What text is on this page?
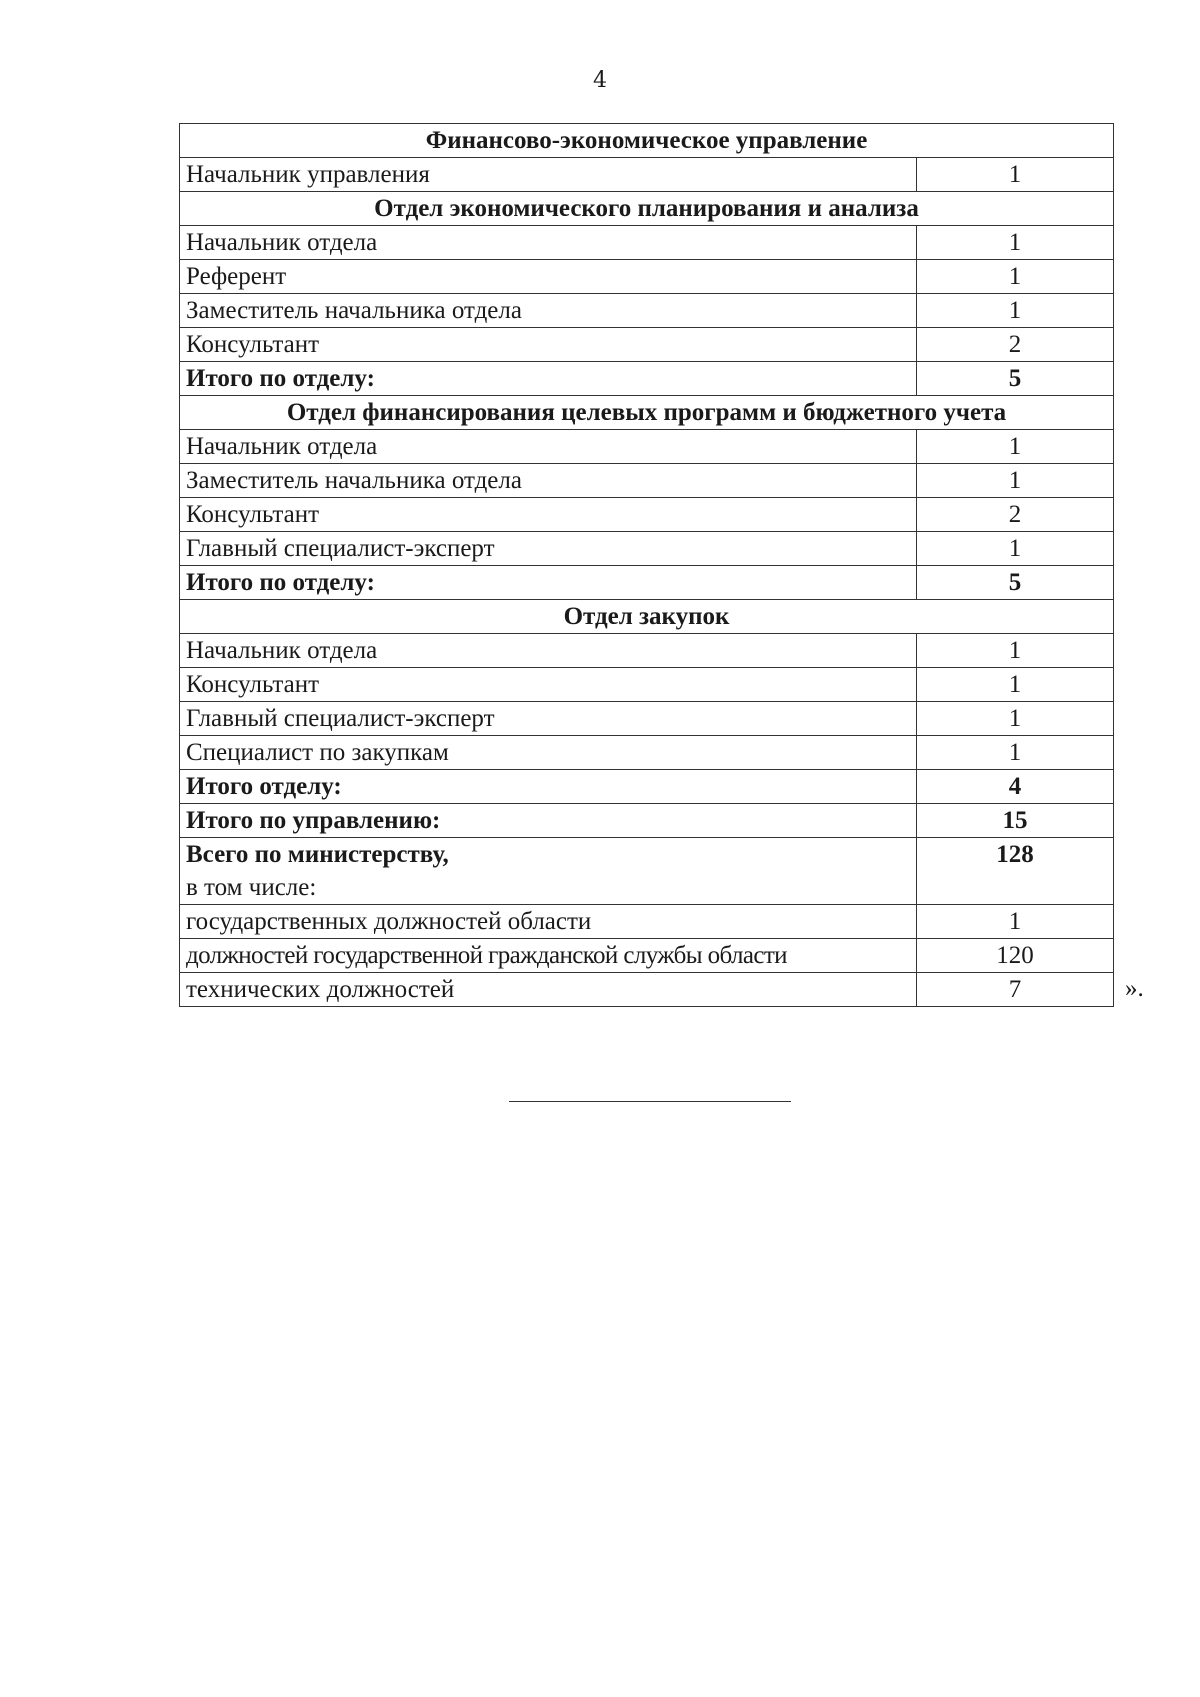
4
Финансово-экономическое управление	
Начальник управления	1
Отдел экономического планирования и анализа	
Начальник отдела	1
Референт	1
Заместитель начальника отдела	1
Консультант	2
Итого по отделу:	5
Отдел финансирования целевых программ и бюджетного учета	
Начальник отдела	1
Заместитель начальника отдела	1
Консультант	2
Главный специалист-эксперт	1
Итого по отделу:	5
Отдел закупок	
Начальник отдела	1
Консультант	1
Главный специалист-эксперт	1
Специалист по закупкам	1
Итого отделу:	4
Итого по управлению:	15
Всего по министерству,
в том числе:	128
государственных должностей области	1
должностей государственной гражданской службы области	120
технических должностей	7	».
